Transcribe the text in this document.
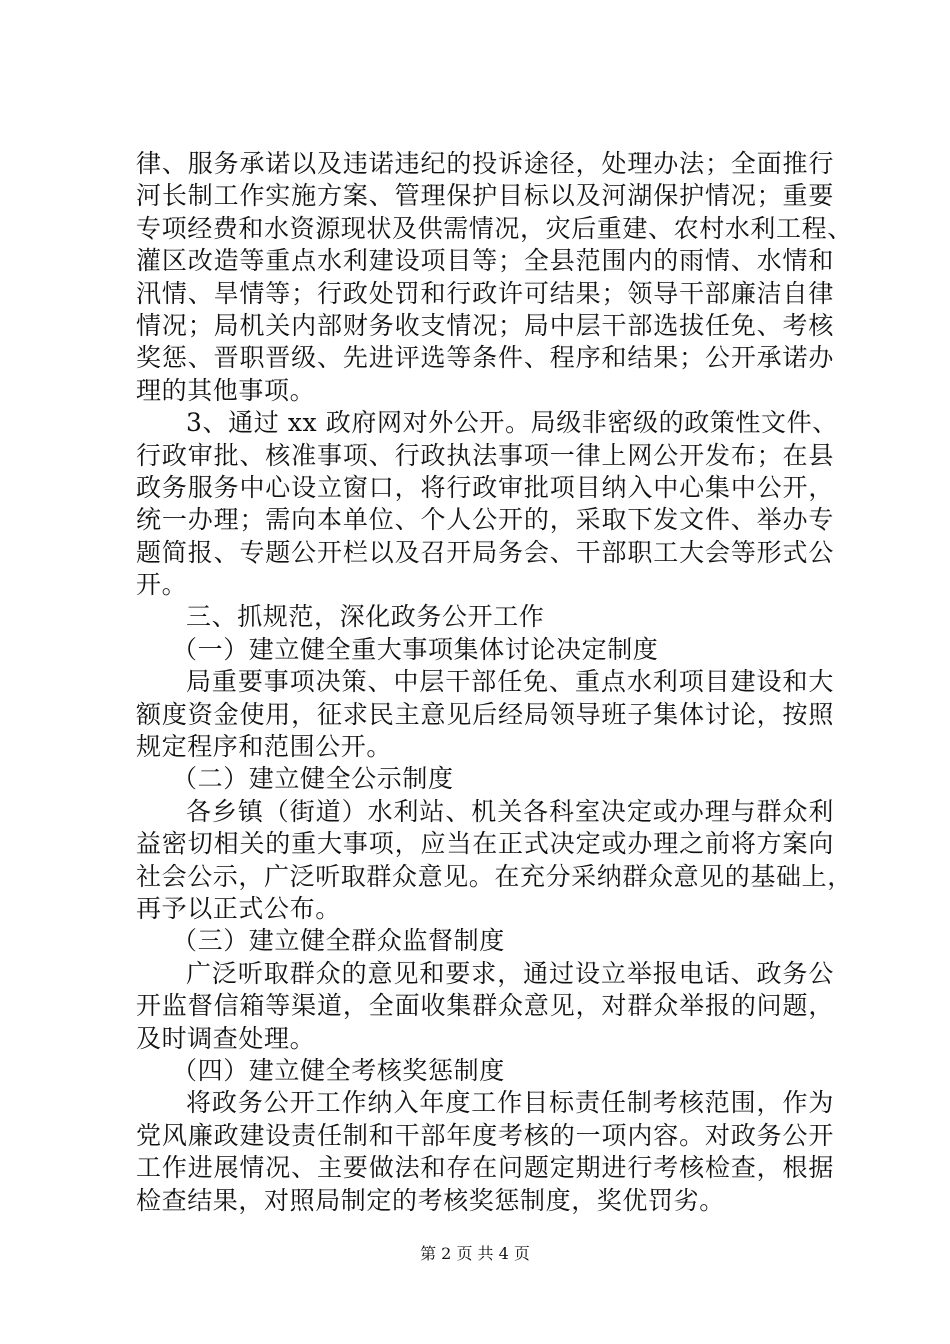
律、服务承诺以及违诺违纪的投诉途径，处理办法；全面推行
河长制工作实施方案、管理保护目标以及河湖保护情况；重要
专项经费和水资源现状及供需情况，灾后重建、农村水利工程、
灌区改造等重点水利建设项目等；全县范围内的雨情、水情和
汛情、旱情等；行政处罚和行政许可结果；领导干部廉洁自律
情况；局机关内部财务收支情况；局中层干部选拔任免、考核
奖惩、晋职晋级、先进评选等条件、程序和结果；公开承诺办
理的其他事项。
3、通过 xx 政府网对外公开。局级非密级的政策性文件、
行政审批、核准事项、行政执法事项一律上网公开发布；在县
政务服务中心设立窗口，将行政审批项目纳入中心集中公开，
统一办理；需向本单位、个人公开的，采取下发文件、举办专
题简报、专题公开栏以及召开局务会、干部职工大会等形式公
开。
三、抓规范，深化政务公开工作
（一）建立健全重大事项集体讨论决定制度
局重要事项决策、中层干部任免、重点水利项目建设和大
额度资金使用，征求民主意见后经局领导班子集体讨论，按照
规定程序和范围公开。
（二）建立健全公示制度
各乡镇（街道）水利站、机关各科室决定或办理与群众利
益密切相关的重大事项，应当在正式决定或办理之前将方案向
社会公示，广泛听取群众意见。在充分采纳群众意见的基础上，
再予以正式公布。
（三）建立健全群众监督制度
广泛听取群众的意见和要求，通过设立举报电话、政务公
开监督信箱等渠道，全面收集群众意见，对群众举报的问题，
及时调查处理。
（四）建立健全考核奖惩制度
将政务公开工作纳入年度工作目标责任制考核范围，作为
党风廉政建设责任制和干部年度考核的一项内容。对政务公开
工作进展情况、主要做法和存在问题定期进行考核检查，根据
检查结果，对照局制定的考核奖惩制度，奖优罚劣。
第 2 页 共 4 页
